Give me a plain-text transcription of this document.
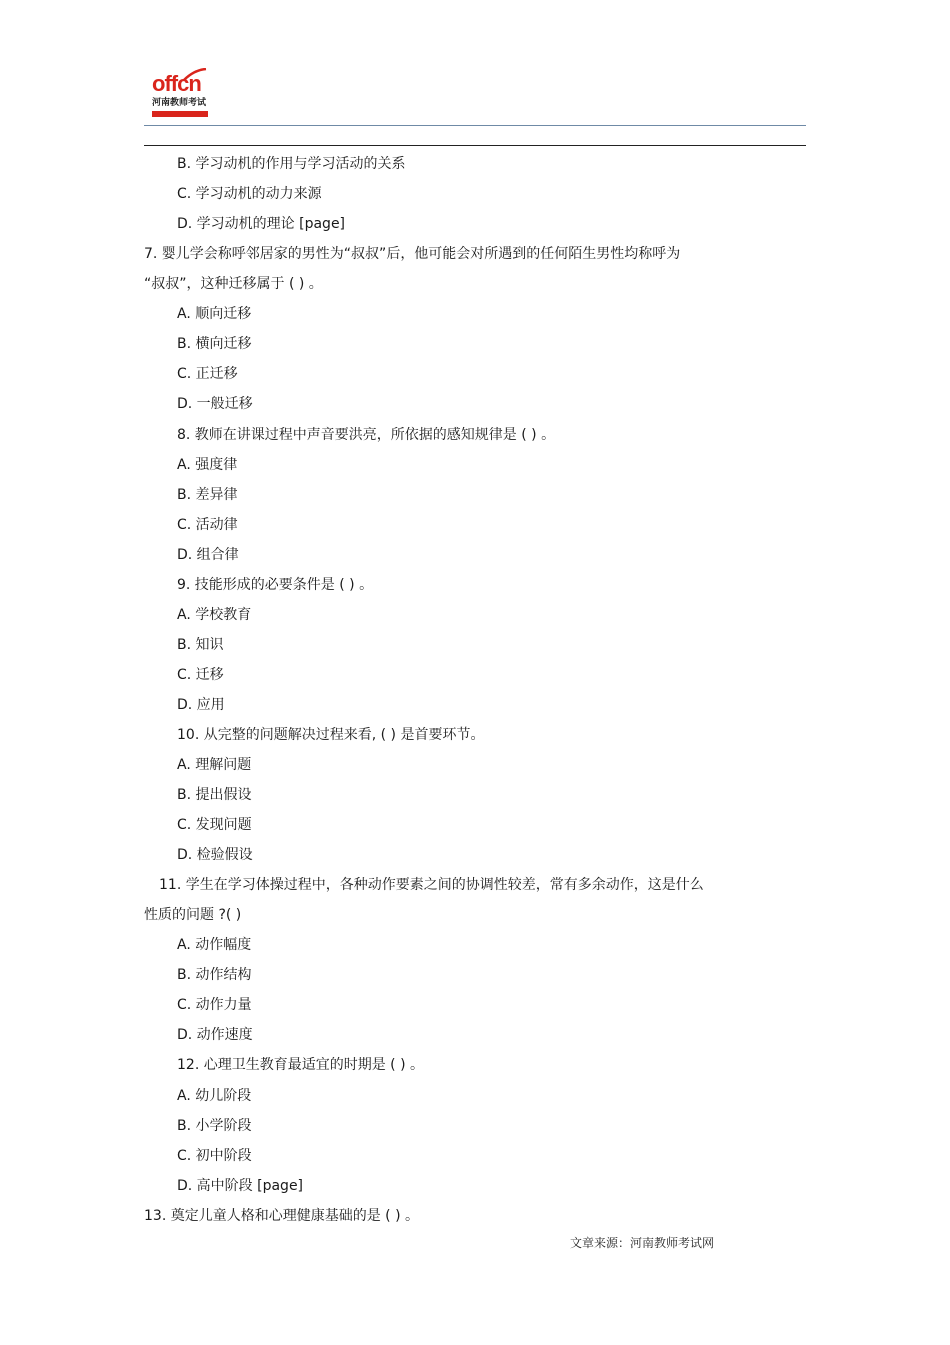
offcn
河南教师考试
B. 学习动机的作用与学习活动的关系
C. 学习动机的动力来源
D. 学习动机的理论 [page]
7. 婴儿学会称呼邻居家的男性为“叔叔”后，他可能会对所遇到的任何陌生男性均称呼为
“叔叔”，这种迁移属于 ( ) 。
A. 顺向迁移
B. 横向迁移
C. 正迁移
D. 一般迁移
8. 教师在讲课过程中声音要洪亮，所依据的感知规律是 ( ) 。
A. 强度律
B. 差异律
C. 活动律
D. 组合律
9. 技能形成的必要条件是 ( ) 。
A. 学校教育
B. 知识
C. 迁移
D. 应用
10. 从完整的问题解决过程来看, ( ) 是首要环节。
A. 理解问题
B. 提出假设
C. 发现问题
D. 检验假设
11. 学生在学习体操过程中，各种动作要素之间的协调性较差，常有多余动作，这是什么
性质的问题 ?( )
A. 动作幅度
B. 动作结构
C. 动作力量
D. 动作速度
12. 心理卫生教育最适宜的时期是 ( ) 。
A. 幼儿阶段
B. 小学阶段
C. 初中阶段
D. 高中阶段 [page]
13. 奠定儿童人格和心理健康基础的是 ( ) 。
文章来源：河南教师考试网
